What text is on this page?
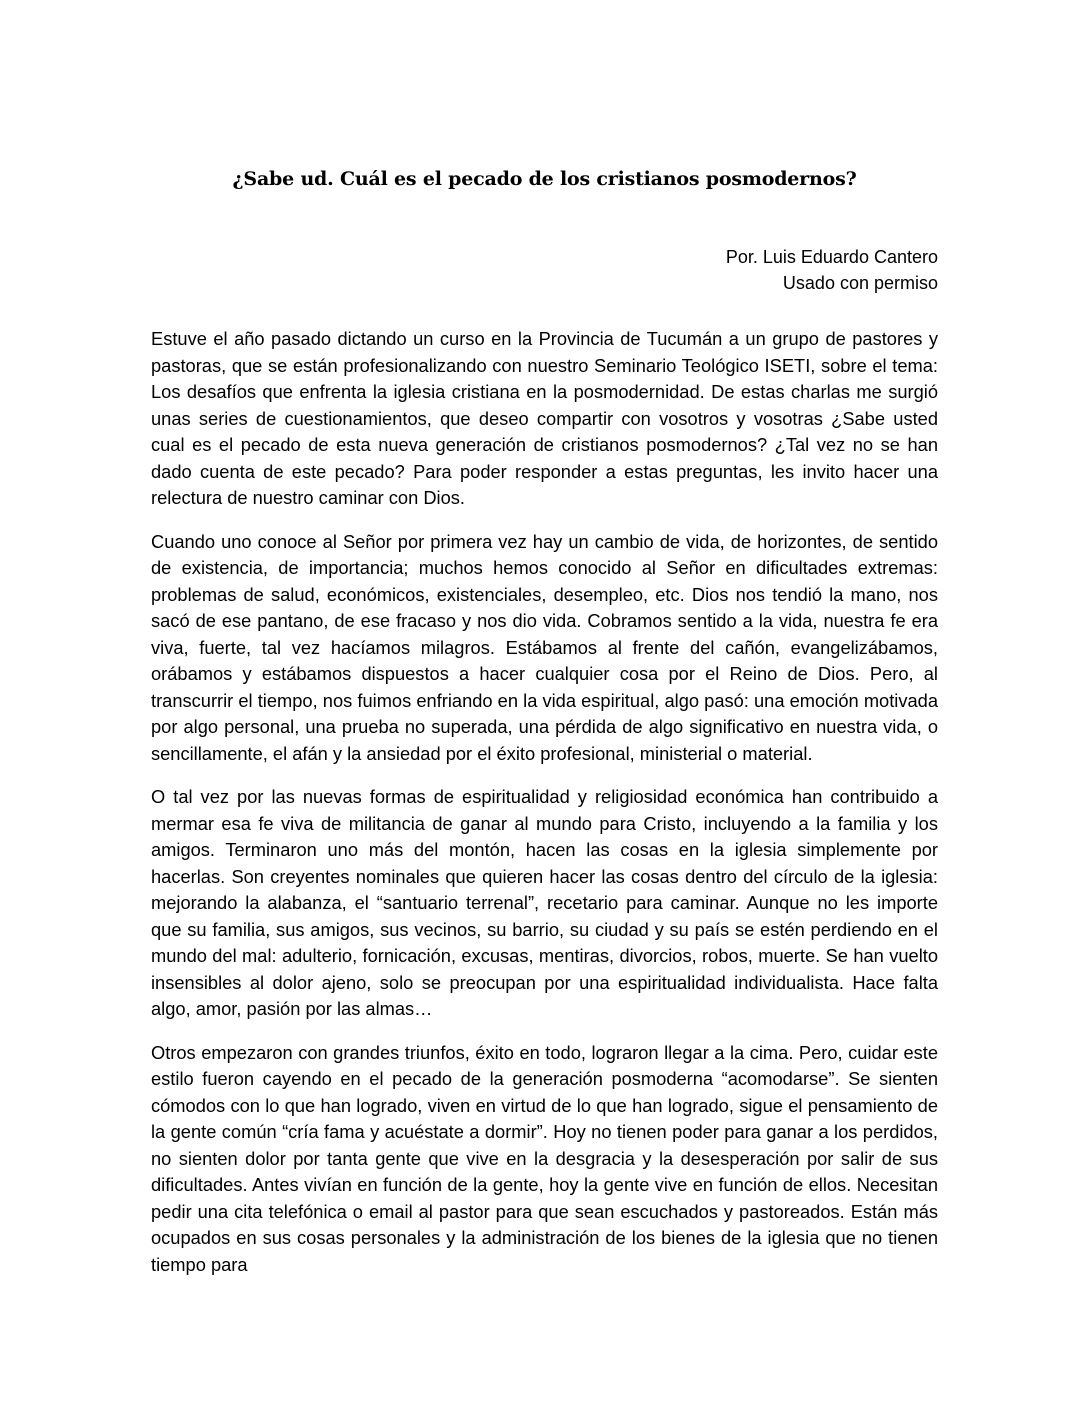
¿Sabe ud. Cuál es el pecado de los cristianos posmodernos?
Por. Luis Eduardo Cantero
Usado con permiso

Estuve el año pasado dictando un curso en la Provincia de Tucumán a un grupo de pastores y pastoras, que se están profesionalizando con nuestro Seminario Teológico ISETI, sobre el tema: Los desafíos que enfrenta la iglesia cristiana en la posmodernidad. De estas charlas me surgió unas series de cuestionamientos, que deseo compartir con vosotros y vosotras ¿Sabe usted cual es el pecado de esta nueva generación de cristianos posmodernos? ¿Tal vez no se han dado cuenta de este pecado? Para poder responder a estas preguntas, les invito hacer una relectura de nuestro caminar con Dios.

Cuando uno conoce al Señor por primera vez hay un cambio de vida, de horizontes, de sentido de existencia, de importancia; muchos hemos conocido al Señor en dificultades extremas: problemas de salud, económicos, existenciales, desempleo, etc. Dios nos tendió la mano, nos sacó de ese pantano, de ese fracaso y nos dio vida. Cobramos sentido a la vida, nuestra fe era viva, fuerte, tal vez hacíamos milagros. Estábamos al frente del cañón, evangelizábamos, orábamos y estábamos dispuestos a hacer cualquier cosa por el Reino de Dios. Pero, al transcurrir el tiempo, nos fuimos enfriando en la vida espiritual, algo pasó: una emoción motivada por algo personal, una prueba no superada, una pérdida de algo significativo en nuestra vida, o sencillamente, el afán y la ansiedad por el éxito profesional, ministerial o material.

O tal vez por las nuevas formas de espiritualidad y religiosidad económica han contribuido a mermar esa fe viva de militancia de ganar al mundo para Cristo, incluyendo a la familia y los amigos. Terminaron uno más del montón, hacen las cosas en la iglesia simplemente por hacerlas. Son creyentes nominales que quieren hacer las cosas dentro del círculo de la iglesia: mejorando la alabanza, el “santuario terrenal”, recetario para caminar. Aunque no les importe que su familia, sus amigos, sus vecinos, su barrio, su ciudad y su país se estén perdiendo en el mundo del mal: adulterio, fornicación, excusas, mentiras, divorcios, robos, muerte. Se han vuelto insensibles al dolor ajeno, solo se preocupan por una espiritualidad individualista. Hace falta algo, amor, pasión por las almas…

Otros empezaron con grandes triunfos, éxito en todo, lograron llegar a la cima. Pero, cuidar este estilo fueron cayendo en el pecado de la generación posmoderna “acomodarse”. Se sienten cómodos con lo que han logrado, viven en virtud de lo que han logrado, sigue el pensamiento de la gente común “cría fama y acuéstate a dormir”. Hoy no tienen poder para ganar a los perdidos, no sienten dolor por tanta gente que vive en la desgracia y la desesperación por salir de sus dificultades. Antes vivían en función de la gente, hoy la gente vive en función de ellos. Necesitan pedir una cita telefónica o email al pastor para que sean escuchados y pastoreados. Están más ocupados en sus cosas personales y la administración de los bienes de la iglesia que no tienen tiempo para
